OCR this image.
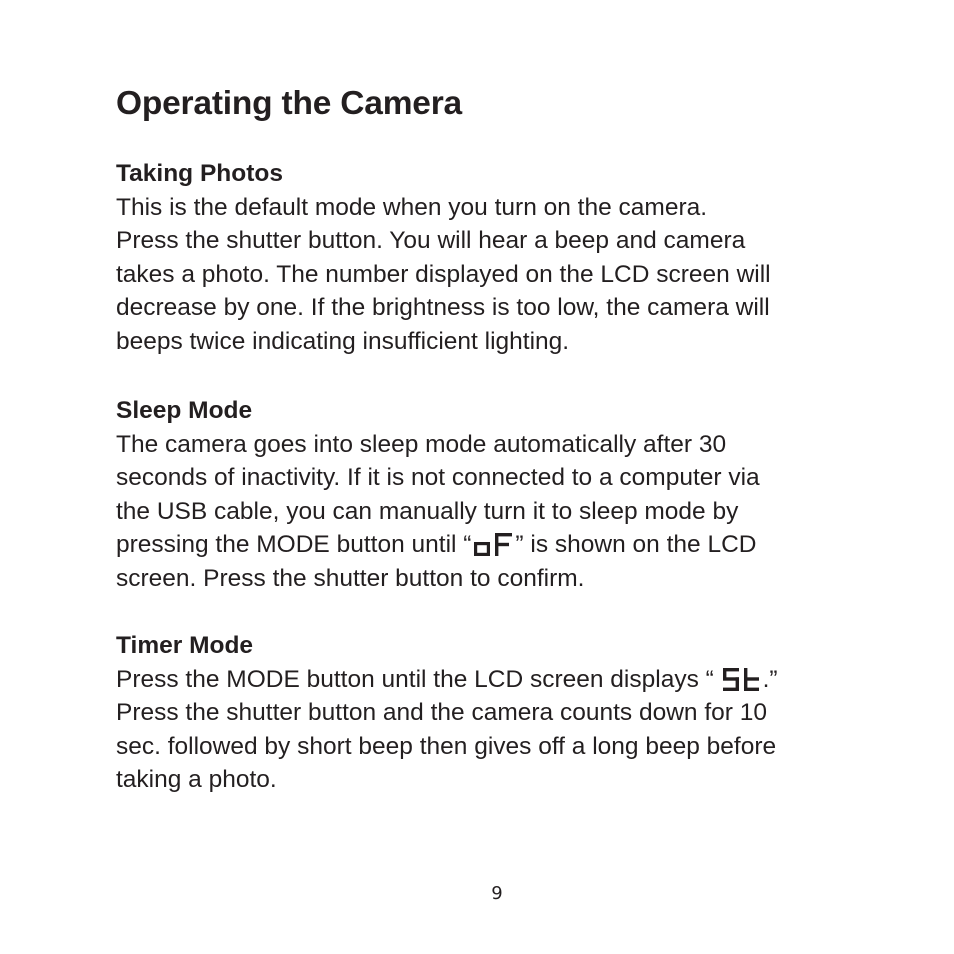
Operating the Camera
Taking Photos

This is the default mode when you turn on the camera.

Press the shutter button. You will hear a beep and camera

takes a photo. The number displayed on the LCD screen will

decrease by one. If the brightness is too low, the camera will

beeps twice indicating insufficient lighting.

Sleep Mode

The camera goes into sleep mode automatically after 30

seconds of inactivity. If it is not connected to a computer via

the USB cable, you can manually turn it to sleep mode by

pressing the MODE button until “ ” is shown on the LCD

screen. Press the shutter button to confirm.

Timer Mode

Press the MODE button until the LCD screen displays “
.”

Press the shutter button and the camera counts down for 10

sec. followed by short beep then gives off a long beep before

taking a photo.

9
